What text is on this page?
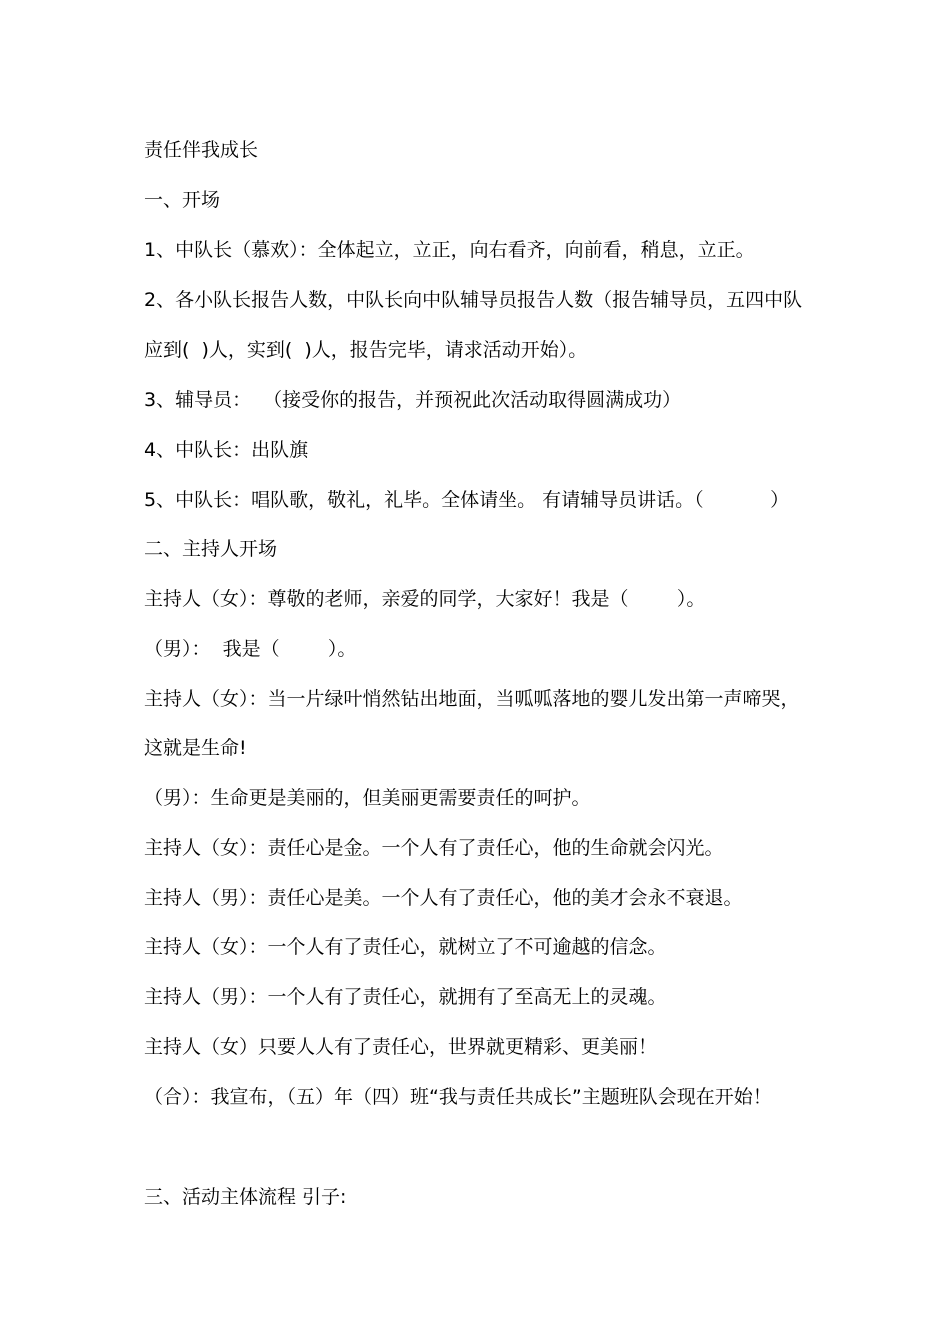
责任伴我成长
一、开场
1、中队长（慕欢）：全体起立，立正，向右看齐，向前看，稍息，立正。
2、各小队长报告人数，中队长向中队辅导员报告人数（报告辅导员，五四中队
应到(  )人，实到(  )人，报告完毕，请求活动开始）。
3、辅导员：  （接受你的报告，并预祝此次活动取得圆满成功）
4、中队长：出队旗
5、中队长：唱队歌，敬礼，礼毕。全体请坐。 有请辅导员讲话。（           ）
二、主持人开场
主持人（女）：尊敬的老师，亲爱的同学，大家好！我是（        ）。
（男）：  我是（        ）。
主持人（女）：当一片绿叶悄然钻出地面，当呱呱落地的婴儿发出第一声啼哭，
这就是生命!
（男）：生命更是美丽的，但美丽更需要责任的呵护。
主持人（女）：责任心是金。一个人有了责任心，他的生命就会闪光。
主持人（男）：责任心是美。一个人有了责任心，他的美才会永不衰退。
主持人（女）：一个人有了责任心，就树立了不可逾越的信念。
主持人（男）：一个人有了责任心，就拥有了至高无上的灵魂。
主持人（女）只要人人有了责任心，世界就更精彩、更美丽！
（合）：我宣布，（五）年（四）班“我与责任共成长”主题班队会现在开始！
三、活动主体流程 引子:
